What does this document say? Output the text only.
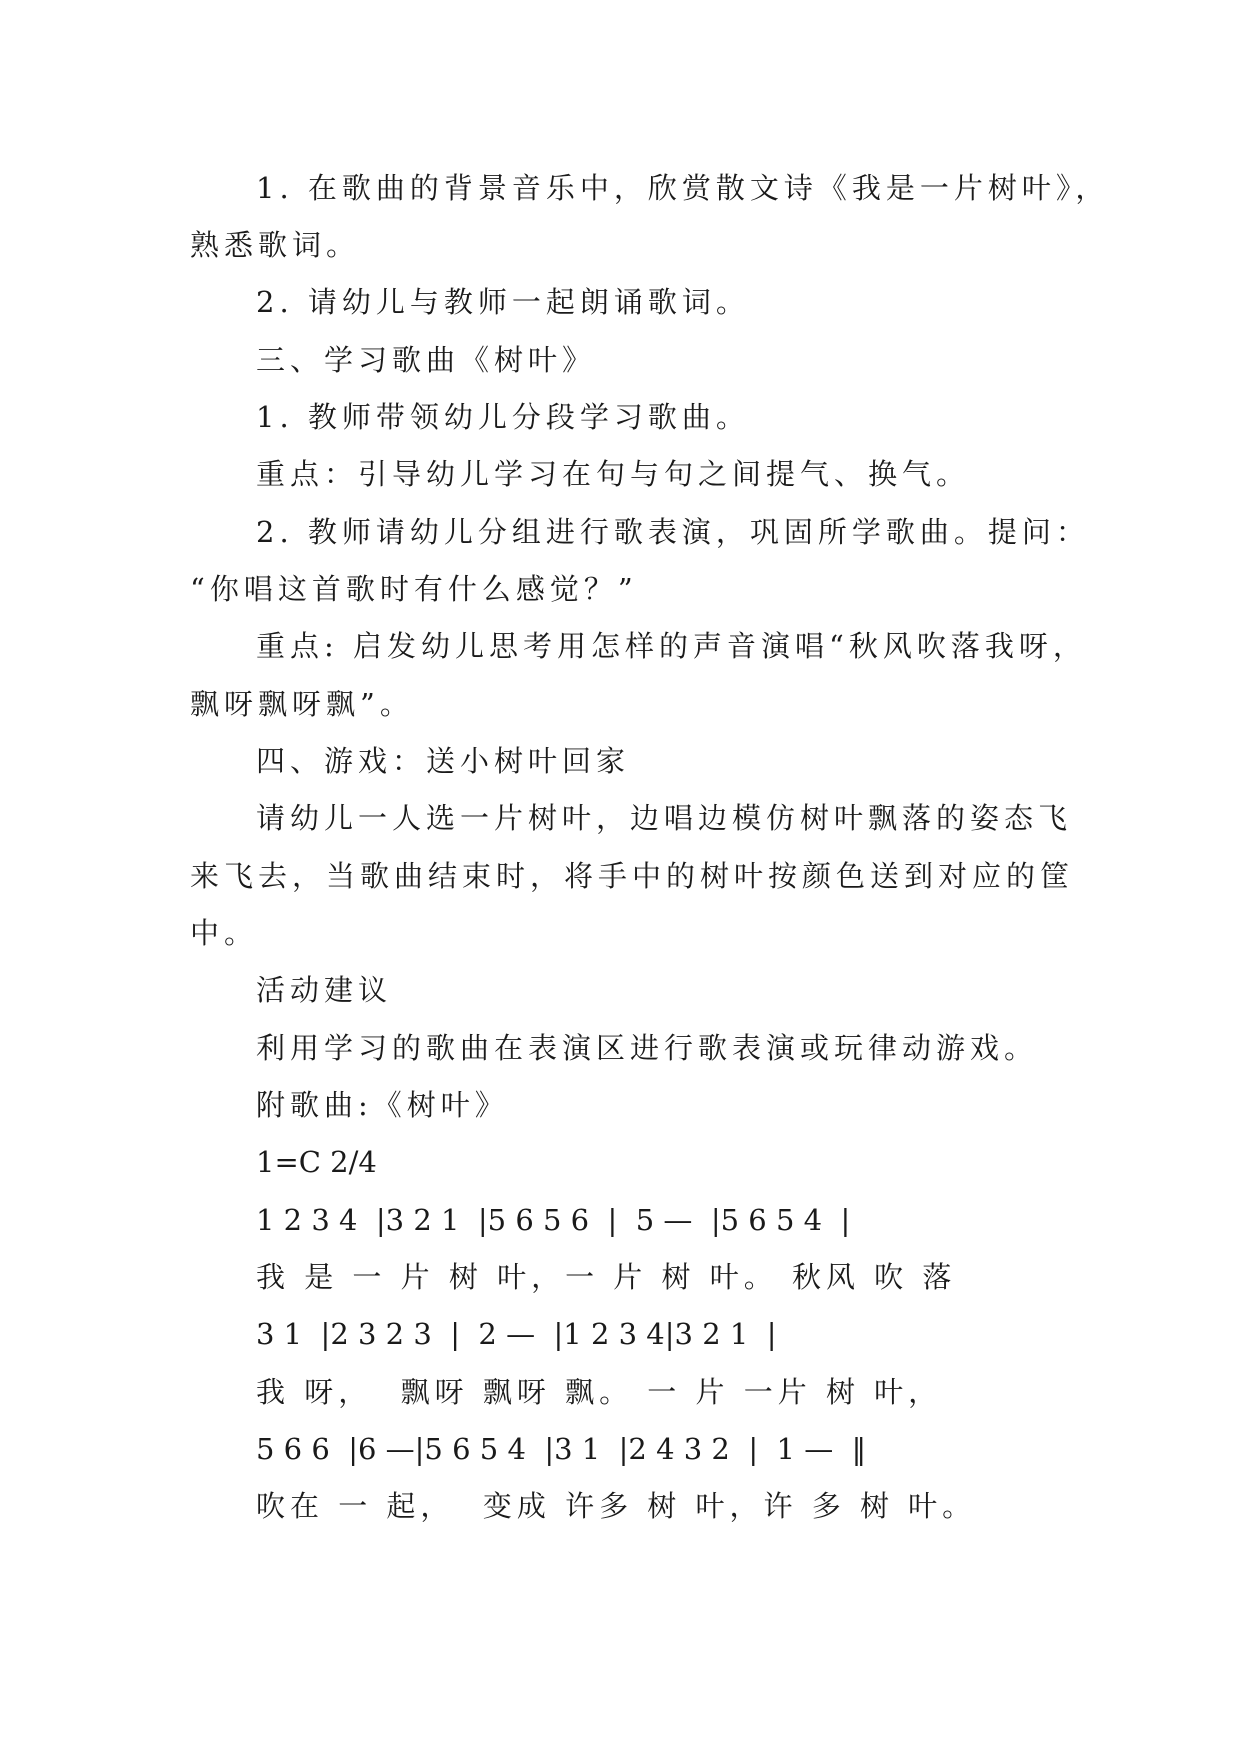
1. 在歌曲的背景音乐中，欣赏散文诗《我是一片树叶》，
熟悉歌词。
2. 请幼儿与教师一起朗诵歌词。
三、学习歌曲《树叶》
1. 教师带领幼儿分段学习歌曲。
重点：引导幼儿学习在句与句之间提气、换气。
2. 教师请幼儿分组进行歌表演，巩固所学歌曲。提问：
“你唱这首歌时有什么感觉？”
重点: 启发幼儿思考用怎样的声音演唱“秋风吹落我呀，
飘呀飘呀飘”。
四、游戏：送小树叶回家
请幼儿一人选一片树叶，边唱边模仿树叶飘落的姿态飞
来飞去，当歌曲结束时，将手中的树叶按颜色送到对应的筐
中。
活动建议
利用学习的歌曲在表演区进行歌表演或玩律动游戏。
附歌曲:《树叶》
1=C 2/4
1 2 3 4  |3 2 1  |5 6 5 6  |  5 —  |5 6 5 4  |
我 是 一 片 树 叶，一 片 树 叶。 秋风 吹 落
3 1  |2 3 2 3  |  2 —  |1 2 3 4|3 2 1  |
我 呀，  飘呀 飘呀 飘。 一 片 一片 树 叶，
5 6 6  |6 —|5 6 5 4  |3 1  |2 4 3 2  |  1 —  ‖
吹在 一 起，  变成 许多 树 叶，许 多 树 叶。
